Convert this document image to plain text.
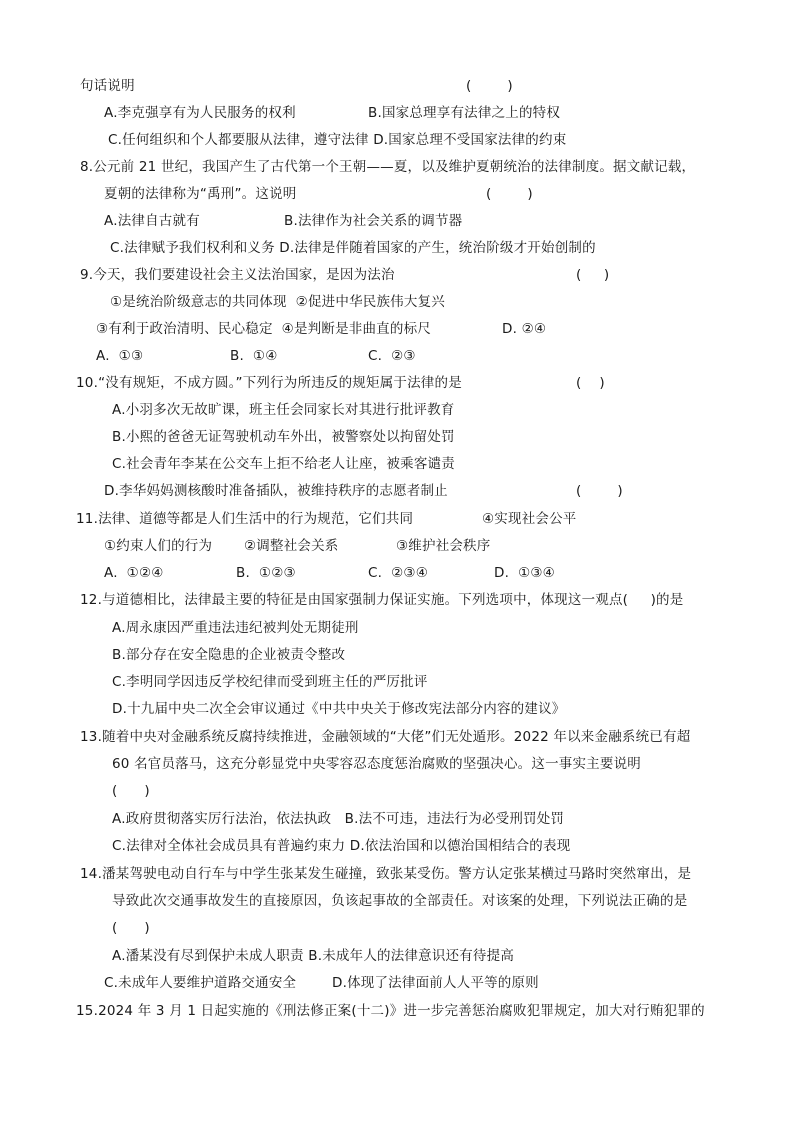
句话说明	(        )
A.李克强享有为人民服务的权利	B.国家总理享有法律之上的特权
C.任何组织和个人都要服从法律，遵守法律 D.国家总理不受国家法律的约束
8.公元前 21 世纪，我国产生了古代第一个王朝——夏，以及维护夏朝统治的法律制度。据文献记载，
夏朝的法律称为“禹刑”。这说明	(        )
A.法律自古就有	B.法律作为社会关系的调节器
C.法律赋予我们权利和义务 D.法律是伴随着国家的产生，统治阶级才开始创制的
9.今天，我们要建设社会主义法治国家，是因为法治	(     )
①是统治阶级意志的共同体现  ②促进中华民族伟大复兴
③有利于政治清明、民心稳定  ④是判断是非曲直的标尺	D. ②④
A.  ①③	B.  ①④	C.  ②③
10.“没有规矩，不成方圆。”下列行为所违反的规矩属于法律的是	(    )
A.小羽多次无故旷课，班主任会同家长对其进行批评教育
B.小熙的爸爸无证驾驶机动车外出，被警察处以拘留处罚
C.社会青年李某在公交车上拒不给老人让座，被乘客谴责
D.李华妈妈测核酸时准备插队，被维持秩序的志愿者制止	(        )
11.法律、道德等都是人们生活中的行为规范，它们共同	④实现社会公平
①约束人们的行为 ②调整社会关系	③维护社会秩序
A.  ①②④	B.  ①②③	C.  ②③④	D.  ①③④
12.与道德相比，法律最主要的特征是由国家强制力保证实施。下列选项中，体现这一观点(     )的是
A.周永康因严重违法违纪被判处无期徒刑
B.部分存在安全隐患的企业被责令整改
C.李明同学因违反学校纪律而受到班主任的严厉批评
D.十九届中央二次全会审议通过《中共中央关于修改宪法部分内容的建议》
13.随着中央对金融系统反腐持续推进，金融领域的“大佬”们无处遁形。2022 年以来金融系统已有超
60 名官员落马，这充分彰显党中央零容忍态度惩治腐败的坚强决心。这一事实主要说明
(      )
A.政府贯彻落实厉行法治，依法执政   B.法不可违，违法行为必受刑罚处罚
C.法律对全体社会成员具有普遍约束力 D.依法治国和以德治国相结合的表现
14.潘某驾驶电动自行车与中学生张某发生碰撞，致张某受伤。警方认定张某横过马路时突然窜出，是
导致此次交通事故发生的直接原因，负该起事故的全部责任。对该案的处理，下列说法正确的是
(      )
A.潘某没有尽到保护未成人职责 B.未成年人的法律意识还有待提高
C.未成年人要维护道路交通安全	D.体现了法律面前人人平等的原则
15.2024 年 3 月 1 日起实施的《刑法修正案(十二)》进一步完善惩治腐败犯罪规定，加大对行贿犯罪的
